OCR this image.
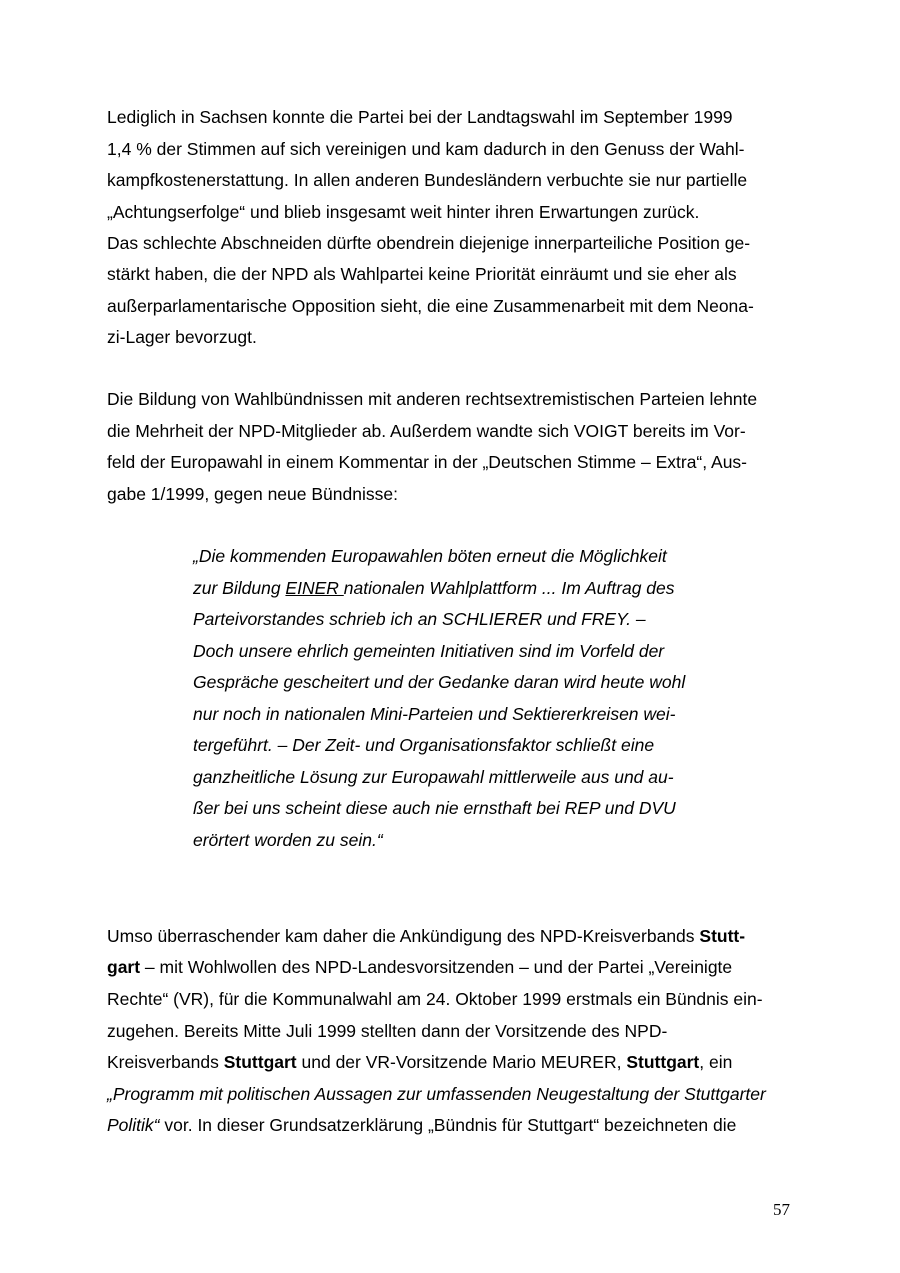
Lediglich in Sachsen konnte die Partei bei der Landtagswahl im September 1999
1,4 % der Stimmen auf sich vereinigen und kam dadurch in den Genuss der Wahl-
kampfkostenerstattung. In allen anderen Bundesländern verbuchte sie nur partielle
„Achtungserfolge“ und blieb insgesamt weit hinter ihren Erwartungen zurück.
Das schlechte Abschneiden dürfte obendrein diejenige innerparteiliche Position ge-
stärkt haben, die der NPD als Wahlpartei keine Priorität einräumt und sie eher als
außerparlamentarische Opposition sieht, die eine Zusammenarbeit mit dem Neona-
zi-Lager bevorzugt.
Die Bildung von Wahlbündnissen mit anderen rechtsextremistischen Parteien lehnte
die Mehrheit der NPD-Mitglieder ab. Außerdem wandte sich VOIGT bereits im Vor-
feld der Europawahl in einem Kommentar in der „Deutschen Stimme – Extra“, Aus-
gabe 1/1999, gegen neue Bündnisse:
„Die kommenden Europawahlen böten erneut die Möglichkeit
zur Bildung EINER nationalen Wahlplattform ... Im Auftrag des
Parteivorstandes schrieb ich an SCHLIERER und FREY. –
Doch unsere ehrlich gemeinten Initiativen sind im Vorfeld der
Gespräche gescheitert und der Gedanke daran wird heute wohl
nur noch in nationalen Mini-Parteien und Sektiererkreisen wei-
tergeführt. – Der Zeit- und Organisationsfaktor schließt eine
ganzheitliche Lösung zur Europawahl mittlerweile aus und au-
ßer bei uns scheint diese auch nie ernsthaft bei REP und DVU
erörtert worden zu sein.“
Umso überraschender kam daher die Ankündigung des NPD-Kreisverbands Stutt-
gart – mit Wohlwollen des NPD-Landesvorsitzenden – und der Partei „Vereinigte
Rechte“ (VR), für die Kommunalwahl am 24. Oktober 1999 erstmals ein Bündnis ein-
zugehen. Bereits Mitte Juli 1999 stellten dann der Vorsitzende des NPD-
Kreisverbands Stuttgart und der VR-Vorsitzende Mario MEURER, Stuttgart, ein
„Programm mit politischen Aussagen zur umfassenden Neugestaltung der Stuttgarter
Politik“ vor. In dieser Grundsatzerklärung „Bündnis für Stuttgart“ bezeichneten die
57
